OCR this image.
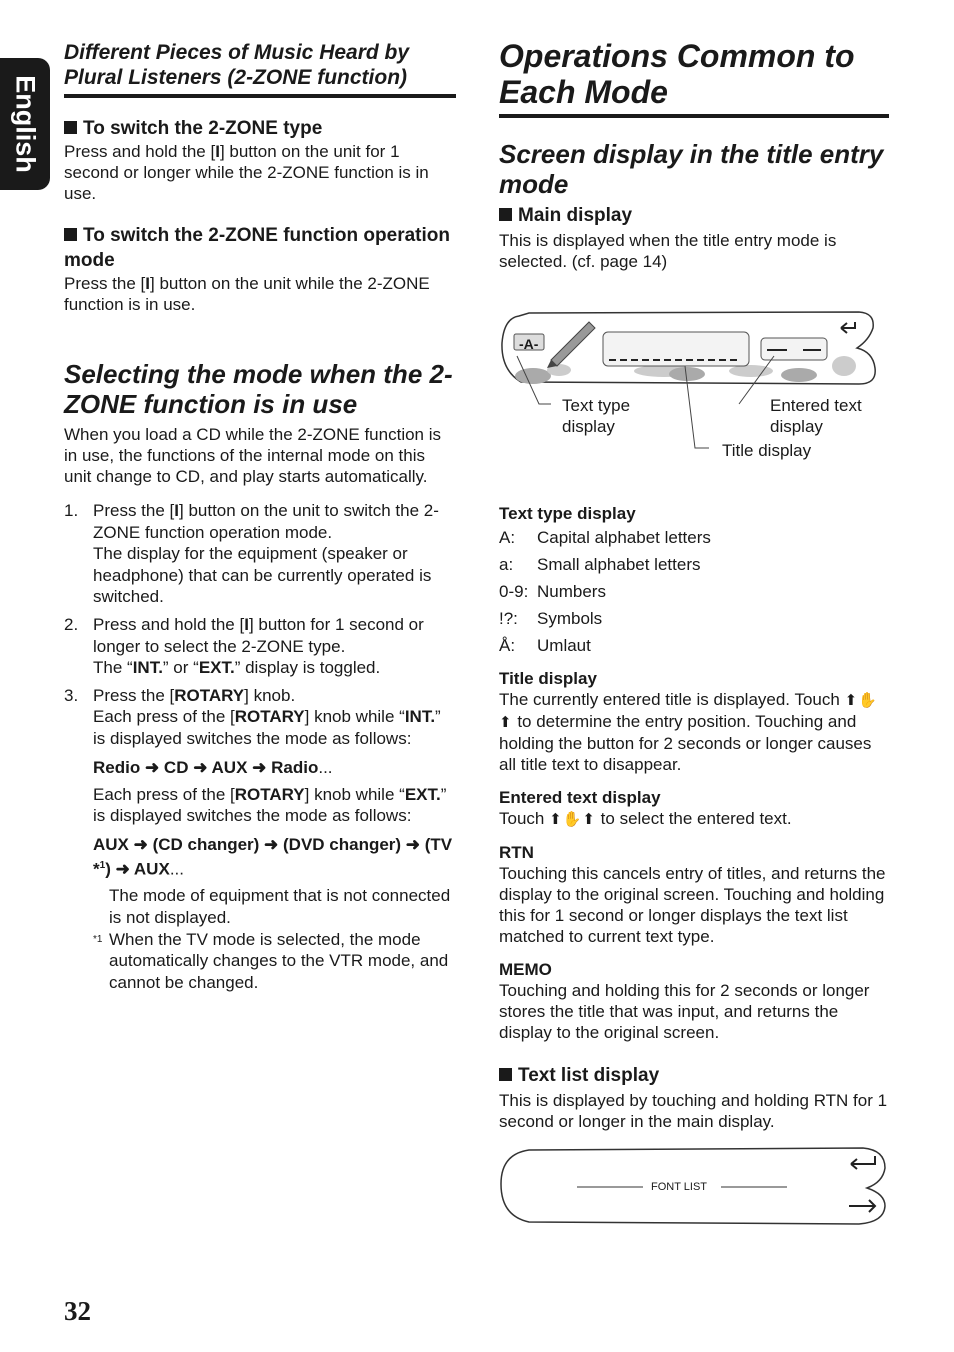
English
Different Pieces of Music Heard by Plural Listeners (2-ZONE function)
To switch the 2-ZONE type

Press and hold the [I] button on the unit for 1 second or longer while the 2-ZONE function is in use.

To switch the 2-ZONE function operation mode

Press the [I] button on the unit while the 2-ZONE function is in use.

Selecting the mode when the 2-ZONE function is in use

When you load a CD while the 2-ZONE function is in use, the functions of the internal mode on this unit change to CD, and play starts automatically.

1. Press the [I] button on the unit to switch the 2-ZONE function operation mode.
The display for the equipment (speaker or headphone) that can be currently operated is switched.
2. Press and hold the [I] button for 1 second or longer to select the 2-ZONE type.
The “INT.” or “EXT.” display is toggled.
3. Press the [ROTARY] knob.
Each press of the [ROTARY] knob while “INT.” is displayed switches the mode as follows:
Redio ➜ CD ➜ AUX ➜ Radio...
Each press of the [ROTARY] knob while “EXT.” is displayed switches the mode as follows:
AUX ➜ (CD changer) ➜ (DVD changer) ➜ (TV *$^1$) ➜ AUX...
The mode of equipment that is not connected is not displayed.
*1 When the TV mode is selected, the mode automatically changes to the VTR mode, and cannot be changed.
Operations Common to Each Mode
Screen display in the title entry mode
Main display

This is displayed when the title entry mode is selected. (cf. page 14)

-A-
Text type display
Entered text display
Title display
Text type display
A:	Capital alphabet letters
a:	Small alphabet letters
0-9: Numbers
!?:	Symbols
Å:	Umlaut
Title display

The currently entered title is displayed. Touch ⬆✋⬆ to determine the entry position. Touching and holding the button for 2 seconds or longer causes all title text to disappear.

Entered text display

Touch ⬆✋⬆ to select the entered text.

RTN

Touching this cancels entry of titles, and returns the display to the original screen. Touching and holding this for 1 second or longer displays the text list matched to current text type.

MEMO

Touching and holding this for 2 seconds or longer stores the title that was input, and returns the display to the original screen.

Text list display

This is displayed by touching and holding RTN for 1 second or longer in the main display.

FONT LIST
32
